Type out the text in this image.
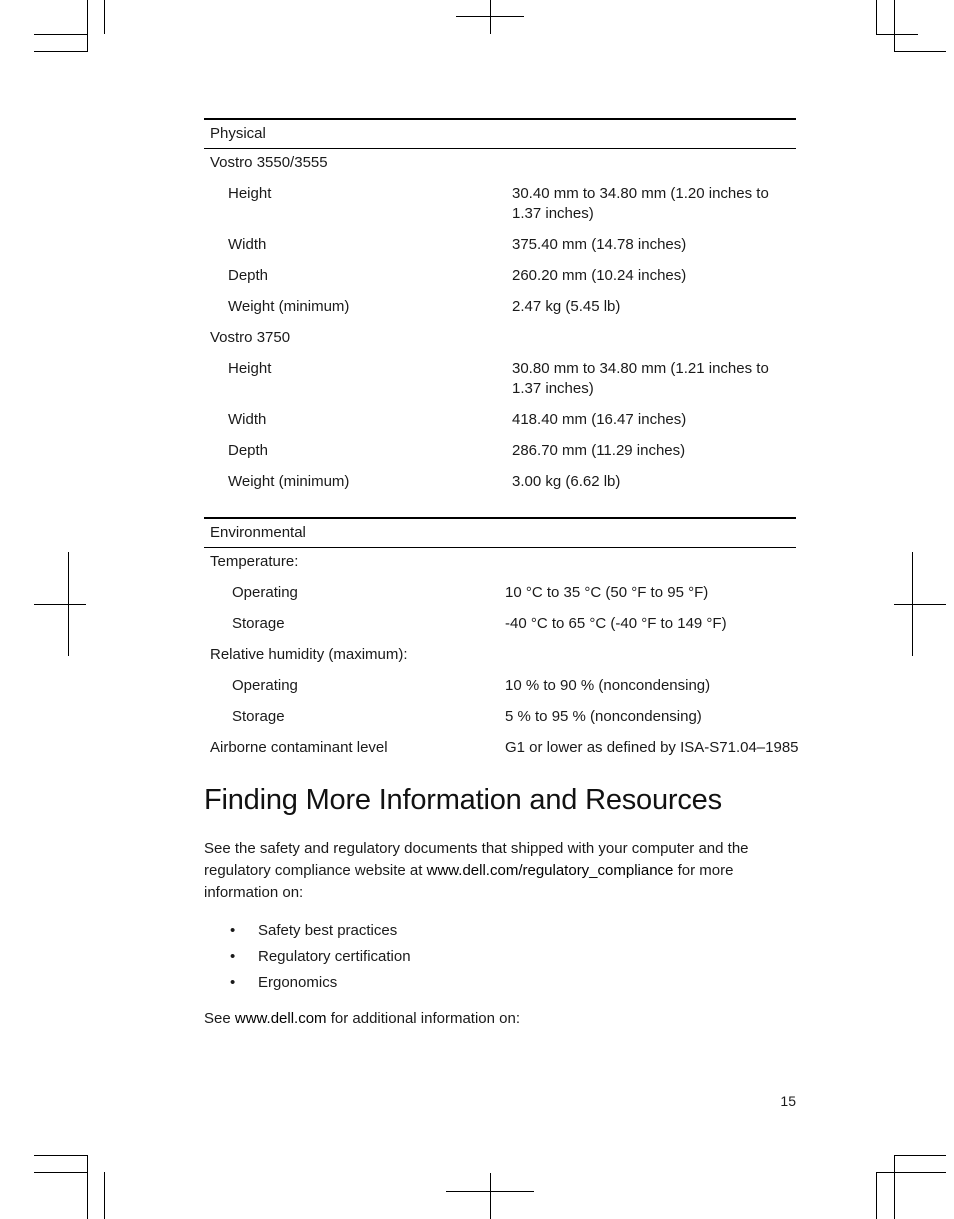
Physical
Vostro 3550/3555
Height	30.40 mm to 34.80 mm (1.20 inches to 1.37 inches)
Width	375.40 mm (14.78 inches)
Depth	260.20 mm (10.24 inches)
Weight (minimum)	2.47 kg (5.45 lb)
Vostro 3750
Height	30.80 mm to 34.80 mm (1.21 inches to 1.37 inches)
Width	418.40 mm (16.47 inches)
Depth	286.70 mm (11.29 inches)
Weight (minimum)	3.00 kg (6.62 lb)
Environmental
Temperature:
Operating	10 °C to 35 °C (50 °F to 95 °F)
Storage	-40 °C to 65 °C (-40 °F to 149 °F)
Relative humidity (maximum):
Operating	10 % to 90 % (noncondensing)
Storage	5 % to 95 % (noncondensing)
Airborne contaminant level	G1 or lower as defined by ISA-S71.04–1985
Finding More Information and Resources

See the safety and regulatory documents that shipped with your computer and the regulatory compliance website at www.dell.com/regulatory_compliance for more information on:

• Safety best practices
• Regulatory certification
• Ergonomics

See www.dell.com for additional information on:

15
